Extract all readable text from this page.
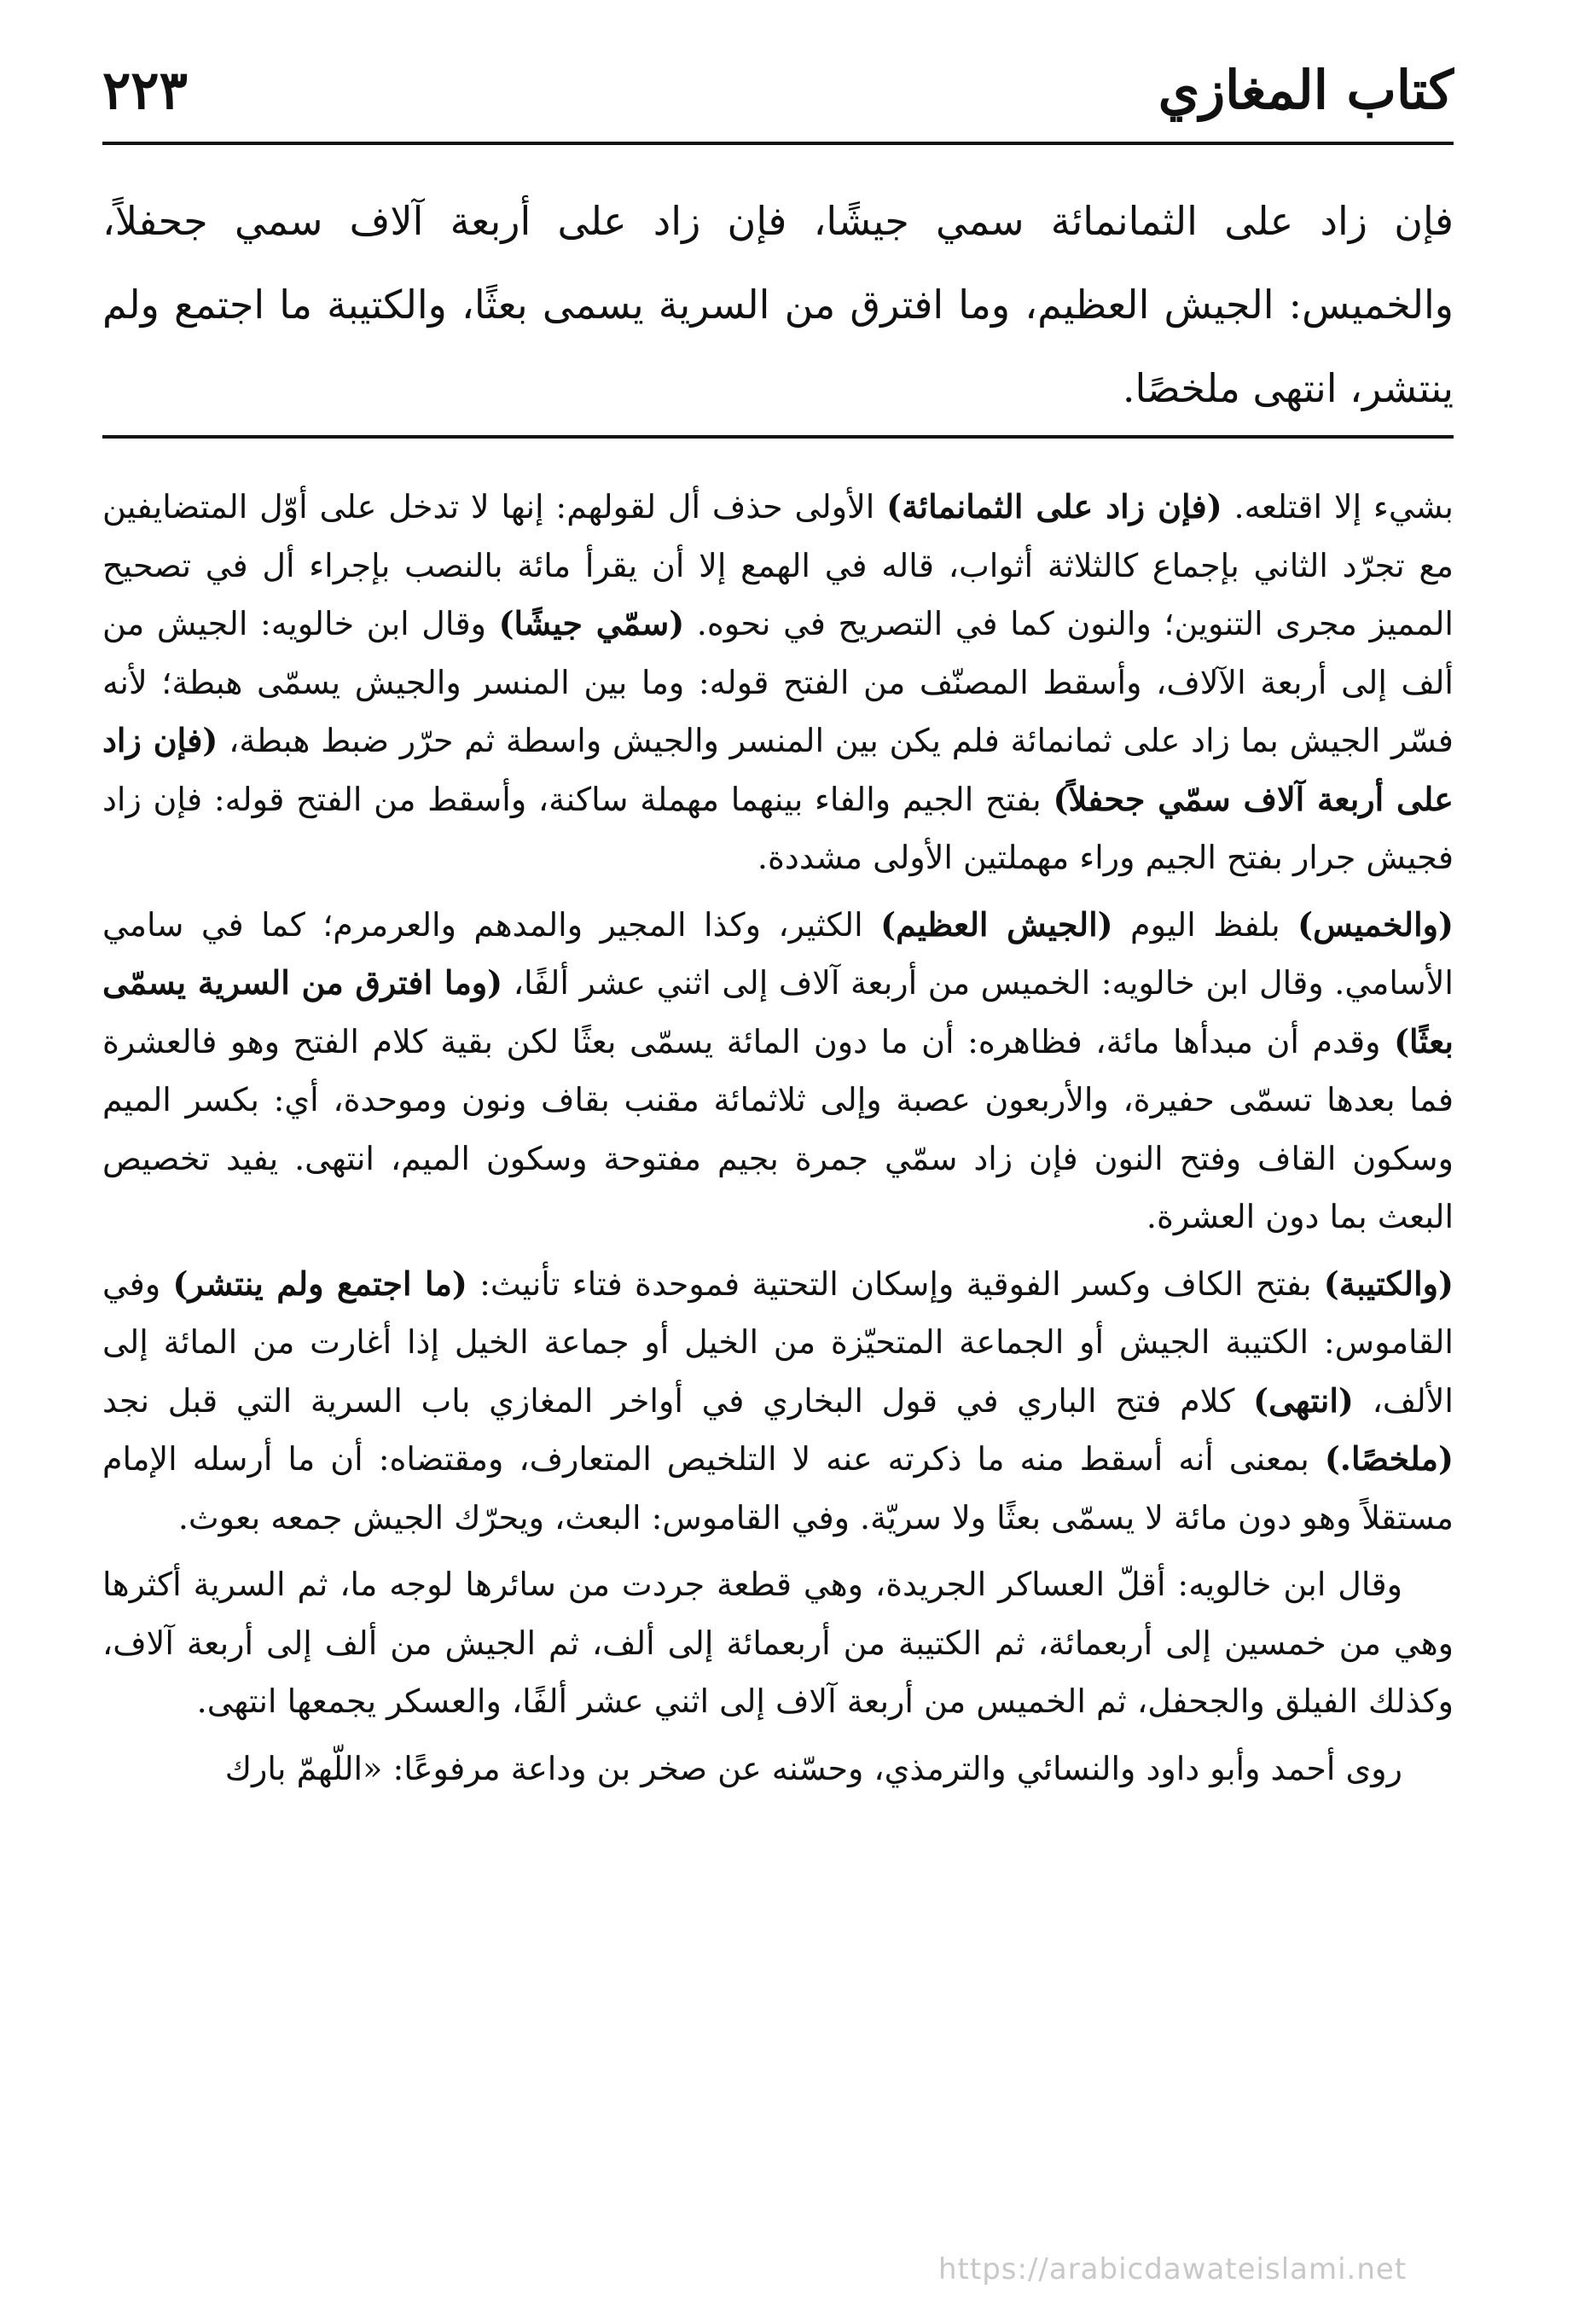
كتاب المغازي
٢٢٣
فإن زاد على الثمانمائة سمي جيشًا، فإن زاد على أربعة آلاف سمي جحفلاً، والخميس: الجيش العظيم، وما افترق من السرية يسمى بعثًا، والكتيبة ما اجتمع ولم ينتشر، انتهى ملخصًا.

بشيء إلا اقتلعه. (فإن زاد على الثمانمائة) الأولى حذف أل لقولهم: إنها لا تدخل على أوّل المتضايفين مع تجرّد الثاني بإجماع كالثلاثة أثواب، قاله في الهمع إلا أن يقرأ مائة بالنصب بإجراء أل في تصحيح المميز مجرى التنوين؛ والنون كما في التصريح في نحوه. (سمّي جيشًا) وقال ابن خالويه: الجيش من ألف إلى أربعة الآلاف، وأسقط المصنّف من الفتح قوله: وما بين المنسر والجيش يسمّى هبطة؛ لأنه فسّر الجيش بما زاد على ثمانمائة فلم يكن بين المنسر والجيش واسطة ثم حرّر ضبط هبطة، (فإن زاد على أربعة آلاف سمّي جحفلاً) بفتح الجيم والفاء بينهما مهملة ساكنة، وأسقط من الفتح قوله: فإن زاد فجيش جرار بفتح الجيم وراء مهملتين الأولى مشددة.

(والخميس) بلفظ اليوم (الجيش العظيم) الكثير، وكذا المجير والمدهم والعرمرم؛ كما في سامي الأسامي. وقال ابن خالويه: الخميس من أربعة آلاف إلى اثني عشر ألفًا، (وما افترق من السرية يسمّى بعثًا) وقدم أن مبدأها مائة، فظاهره: أن ما دون المائة يسمّى بعثًا لكن بقية كلام الفتح وهو فالعشرة فما بعدها تسمّى حفيرة، والأربعون عصبة وإلى ثلاثمائة مقنب بقاف ونون وموحدة، أي: بكسر الميم وسكون القاف وفتح النون فإن زاد سمّي جمرة بجيم مفتوحة وسكون الميم، انتهى. يفيد تخصيص البعث بما دون العشرة.

(والكتيبة) بفتح الكاف وكسر الفوقية وإسكان التحتية فموحدة فتاء تأنيث: (ما اجتمع ولم ينتشر) وفي القاموس: الكتيبة الجيش أو الجماعة المتحيّزة من الخيل أو جماعة الخيل إذا أغارت من المائة إلى الألف، (انتهى) كلام فتح الباري في قول البخاري في أواخر المغازي باب السرية التي قبل نجد (ملخصًا.) بمعنى أنه أسقط منه ما ذكرته عنه لا التلخيص المتعارف، ومقتضاه: أن ما أرسله الإمام مستقلاً وهو دون مائة لا يسمّى بعثًا ولا سريّة. وفي القاموس: البعث، ويحرّك الجيش جمعه بعوث.

وقال ابن خالويه: أقلّ العساكر الجريدة، وهي قطعة جردت من سائرها لوجه ما، ثم السرية أكثرها وهي من خمسين إلى أربعمائة، ثم الكتيبة من أربعمائة إلى ألف، ثم الجيش من ألف إلى أربعة آلاف، وكذلك الفيلق والجحفل، ثم الخميس من أربعة آلاف إلى اثني عشر ألفًا، والعسكر يجمعها انتهى.

روى أحمد وأبو داود والنسائي والترمذي، وحسّنه عن صخر بن وداعة مرفوعًا: «اللّهمّ بارك

https://arabicdawateislami.net
